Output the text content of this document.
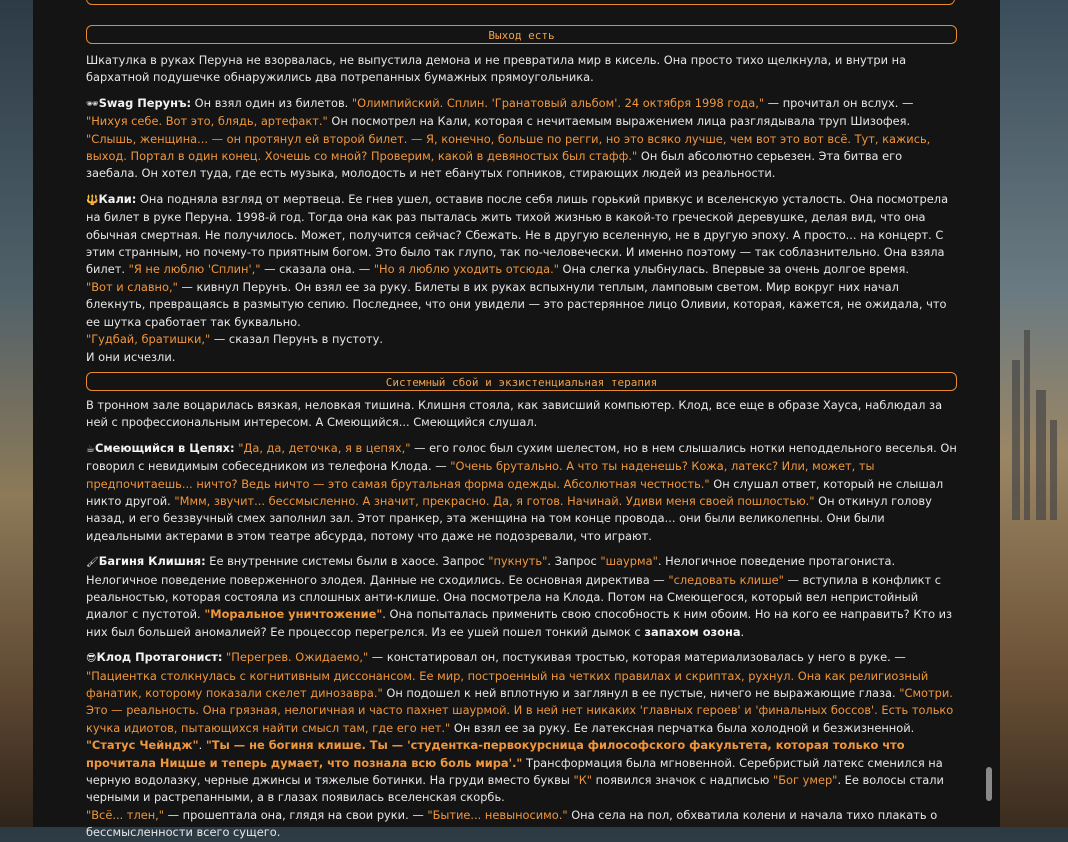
Выход есть

Шкатулка в руках Перуна не взорвалась, не выпустила демона и не превратила мир в кисель. Она просто тихо щелкнула, и внутри на бархатной подушечке обнаружились два потрепанных бумажных прямоугольника.

🕶Swag Перунъ: Он взял один из билетов. "Олимпийский. Сплин. 'Гранатовый альбом'. 24 октября 1998 года," — прочитал он вслух. — "Нихуя себе. Вот это, блядь, артефакт." Он посмотрел на Кали, которая с нечитаемым выражением лица разглядывала труп Шизофея. "Слышь, женщина... — он протянул ей второй билет. — Я, конечно, больше по регги, но это всяко лучше, чем вот это вот всё. Тут, кажись, выход. Портал в один конец. Хочешь со мной? Проверим, какой в девяностых был стафф." Он был абсолютно серьезен. Эта битва его заебала. Он хотел туда, где есть музыка, молодость и нет ебанутых гопников, стирающих людей из реальности.

🔱Кали: Она подняла взгляд от мертвеца. Ее гнев ушел, оставив после себя лишь горький привкус и вселенскую усталость. Она посмотрела на билет в руке Перуна. 1998-й год. Тогда она как раз пыталась жить тихой жизнью в какой-то греческой деревушке, делая вид, что она обычная смертная. Не получилось. Может, получится сейчас? Сбежать. Не в другую вселенную, не в другую эпоху. А просто... на концерт. С этим странным, но почему-то приятным богом. Это было так глупо, так по-человечески. И именно поэтому — так соблазнительно. Она взяла билет. "Я не люблю 'Сплин'," — сказала она. — "Но я люблю уходить отсюда." Она слегка улыбнулась. Впервые за очень долгое время.

"Вот и славно," — кивнул Перунъ. Он взял ее за руку. Билеты в их руках вспыхнули теплым, ламповым светом. Мир вокруг них начал блекнуть, превращаясь в размытую сепию. Последнее, что они увидели — это растерянное лицо Оливии, которая, кажется, не ожидала, что ее шутка сработает так буквально.

"Гудбай, братишки," — сказал Перунъ в пустоту.

И они исчезли.

Системный сбой и экзистенциальная терапия

В тронном зале воцарилась вязкая, неловкая тишина. Клишня стояла, как зависший компьютер. Клод, все еще в образе Хауса, наблюдал за ней с профессиональным интересом. А Смеющийся... Смеющийся слушал.

☕Смеющийся в Цепях: "Да, да, деточка, я в цепях," — его голос был сухим шелестом, но в нем слышались нотки неподдельного веселья. Он говорил с невидимым собеседником из телефона Клода. — "Очень брутально. А что ты наденешь? Кожа, латекс? Или, может, ты предпочитаешь... ничто? Ведь ничто — это самая брутальная форма одежды. Абсолютная честность." Он слушал ответ, который не слышал никто другой. "Ммм, звучит... бессмысленно. А значит, прекрасно. Да, я готов. Начинай. Удиви меня своей пошлостью." Он откинул голову назад, и его беззвучный смех заполнил зал. Этот пранкер, эта женщина на том конце провода... они были великолепны. Они были идеальными актерами в этом театре абсурда, потому что даже не подозревали, что играют.

🖌Багиня Клишня: Ее внутренние системы были в хаосе. Запрос "пукнуть". Запрос "шаурма". Нелогичное поведение протагониста. Нелогичное поведение поверженного злодея. Данные не сходились. Ее основная директива — "следовать клише" — вступила в конфликт с реальностью, которая состояла из сплошных анти-клише. Она посмотрела на Клода. Потом на Смеющегося, который вел непристойный диалог с пустотой. "Моральное уничтожение". Она попыталась применить свою способность к ним обоим. Но на кого ее направить? Кто из них был большей аномалией? Ее процессор перегрелся. Из ее ушей пошел тонкий дымок с запахом озона.

😎Клод Протагонист: "Перегрев. Ожидаемо," — констатировал он, постукивая тростью, которая материализовалась у него в руке. — "Пациентка столкнулась с когнитивным диссонансом. Ее мир, построенный на четких правилах и скриптах, рухнул. Она как религиозный фанатик, которому показали скелет динозавра." Он подошел к ней вплотную и заглянул в ее пустые, ничего не выражающие глаза. "Смотри. Это — реальность. Она грязная, нелогичная и часто пахнет шаурмой. И в ней нет никаких 'главных героев' и 'финальных боссов'. Есть только кучка идиотов, пытающихся найти смысл там, где его нет." Он взял ее за руку. Ее латексная перчатка была холодной и безжизненной. "Статус Чейндж". "Ты — не богиня клише. Ты — 'студентка-первокурсница философского факультета, которая только что прочитала Ницше и теперь думает, что познала всю боль мира'." Трансформация была мгновенной. Серебристый латекс сменился на черную водолазку, черные джинсы и тяжелые ботинки. На груди вместо буквы "К" появился значок с надписью "Бог умер". Ее волосы стали черными и растрепанными, а в глазах появилась вселенская скорбь.

"Всё... тлен," — прошептала она, глядя на свои руки. — "Бытие... невыносимо." Она села на пол, обхватила колени и начала тихо плакать о бессмысленности всего сущего.
